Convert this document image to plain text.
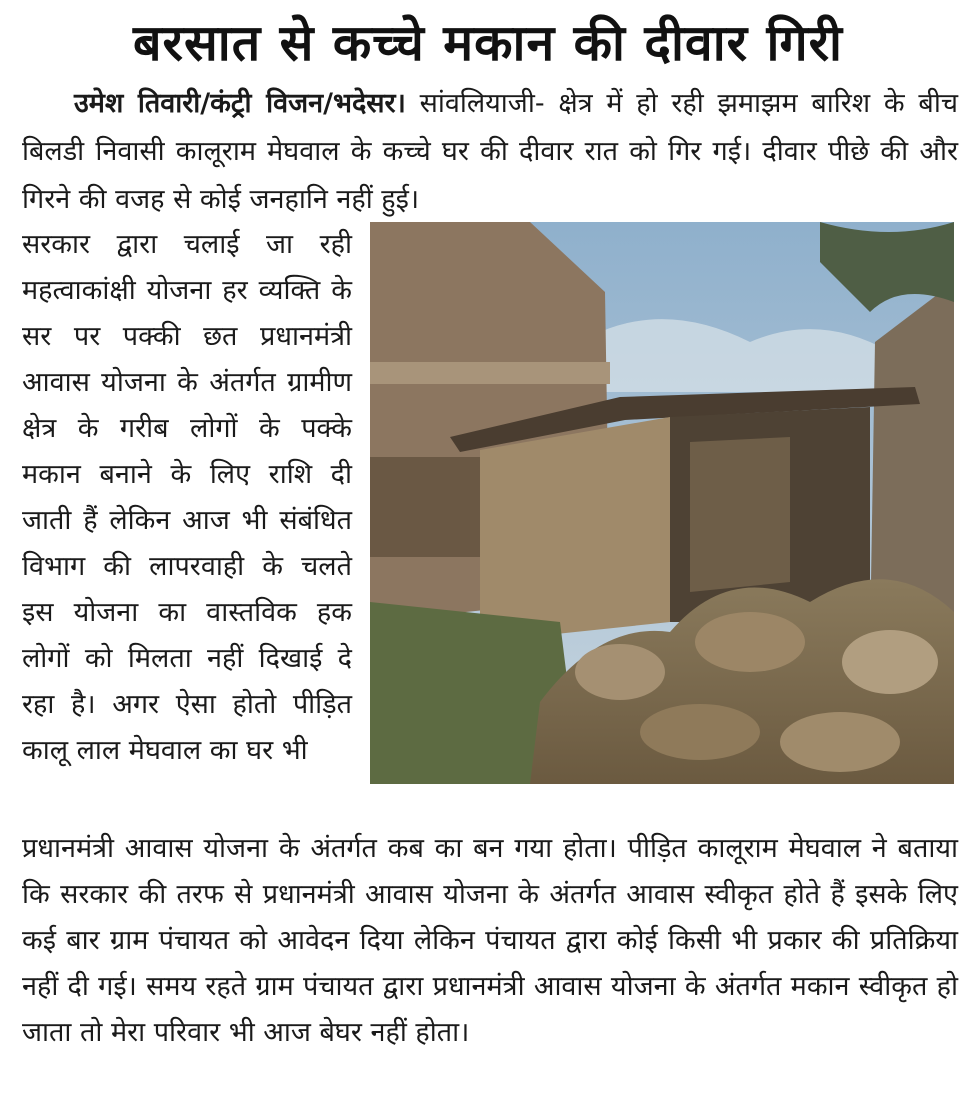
बरसात से कच्चे मकान की दीवार गिरी
उमेश तिवारी/कंट्री विजन/भदेसर। सांवलियाजी- क्षेत्र में हो रही झमाझम बारिश के बीच बिलडी निवासी कालूराम मेघवाल के कच्चे घर की दीवार रात को गिर गई। दीवार पीछे की और गिरने की वजह से कोई जनहानि नहीं हुई।
सरकार द्वारा चलाई जा रही महत्वाकांक्षी योजना हर व्यक्ति के सर पर पक्की छत प्रधानमंत्री आवास योजना के अंतर्गत ग्रामीण क्षेत्र के गरीब लोगों के पक्के मकान बनाने के लिए राशि दी जाती हैं लेकिन आज भी संबंधित विभाग की लापरवाही के चलते इस योजना का वास्तविक हक लोगों को मिलता नहीं दिखाई दे रहा है। अगर ऐसा होतो पीड़ित कालू लाल मेघवाल का घर भी
प्रधानमंत्री आवास योजना के अंतर्गत कब का बन गया होता। पीड़ित कालूराम मेघवाल ने बताया कि सरकार की तरफ से प्रधानमंत्री आवास योजना के अंतर्गत आवास स्वीकृत होते हैं इसके लिए कई बार ग्राम पंचायत को आवेदन दिया लेकिन पंचायत द्वारा कोई किसी भी प्रकार की प्रतिक्रिया नहीं दी गई। समय रहते ग्राम पंचायत द्वारा प्रधानमंत्री आवास योजना के अंतर्गत मकान स्वीकृत हो जाता तो मेरा परिवार भी आज बेघर नहीं होता।
